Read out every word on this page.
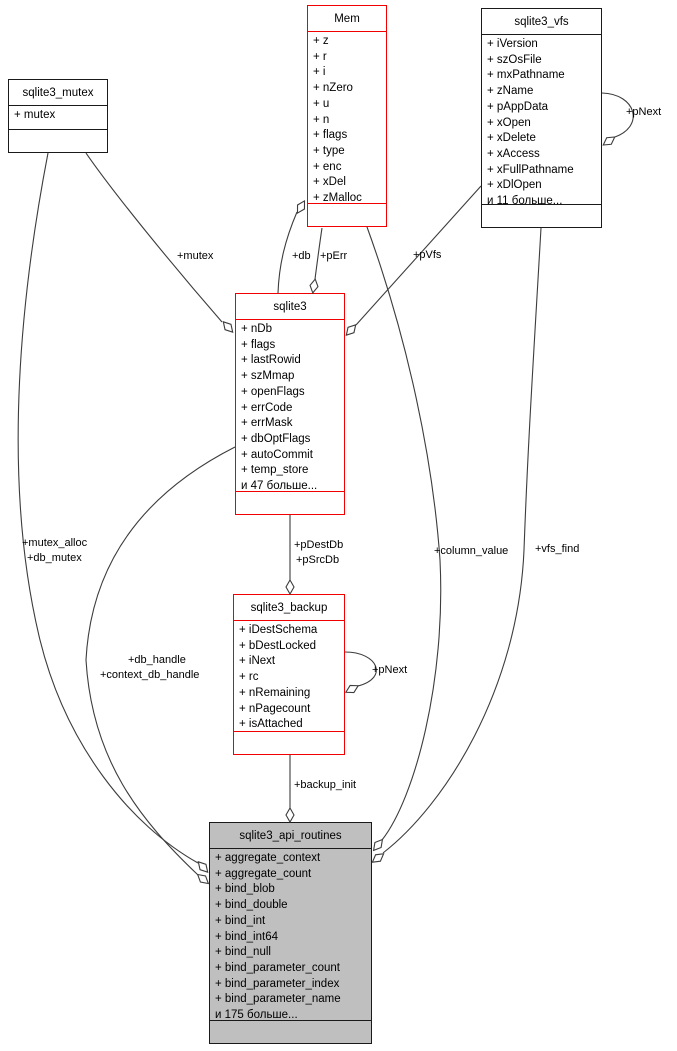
sqlite3_mutex
+ mutex
Mem
+ z
+ r
+ i
+ nZero
+ u
+ n
+ flags
+ type
+ enc
+ xDel
+ zMalloc
sqlite3_vfs
+ iVersion
+ szOsFile
+ mxPathname
+ zName
+ pAppData
+ xOpen
+ xDelete
+ xAccess
+ xFullPathname
+ xDlOpen
и 11 больше...
sqlite3
+ nDb
+ flags
+ lastRowid
+ szMmap
+ openFlags
+ errCode
+ errMask
+ dbOptFlags
+ autoCommit
+ temp_store
и 47 больше...
sqlite3_backup
+ iDestSchema
+ bDestLocked
+ iNext
+ rc
+ nRemaining
+ nPagecount
+ isAttached
sqlite3_api_routines
+ aggregate_context
+ aggregate_count
+ bind_blob
+ bind_double
+ bind_int
+ bind_int64
+ bind_null
+ bind_parameter_count
+ bind_parameter_index
+ bind_parameter_name
и 175 больше...
+mutex	+db +pErr	+pVfs
+pNext
+pDestDb
+pSrcDb
+column_value +vfs_find
+mutex_alloc
+db_mutex
+db_handle
+context_db_handle	+pNext
+backup_init
